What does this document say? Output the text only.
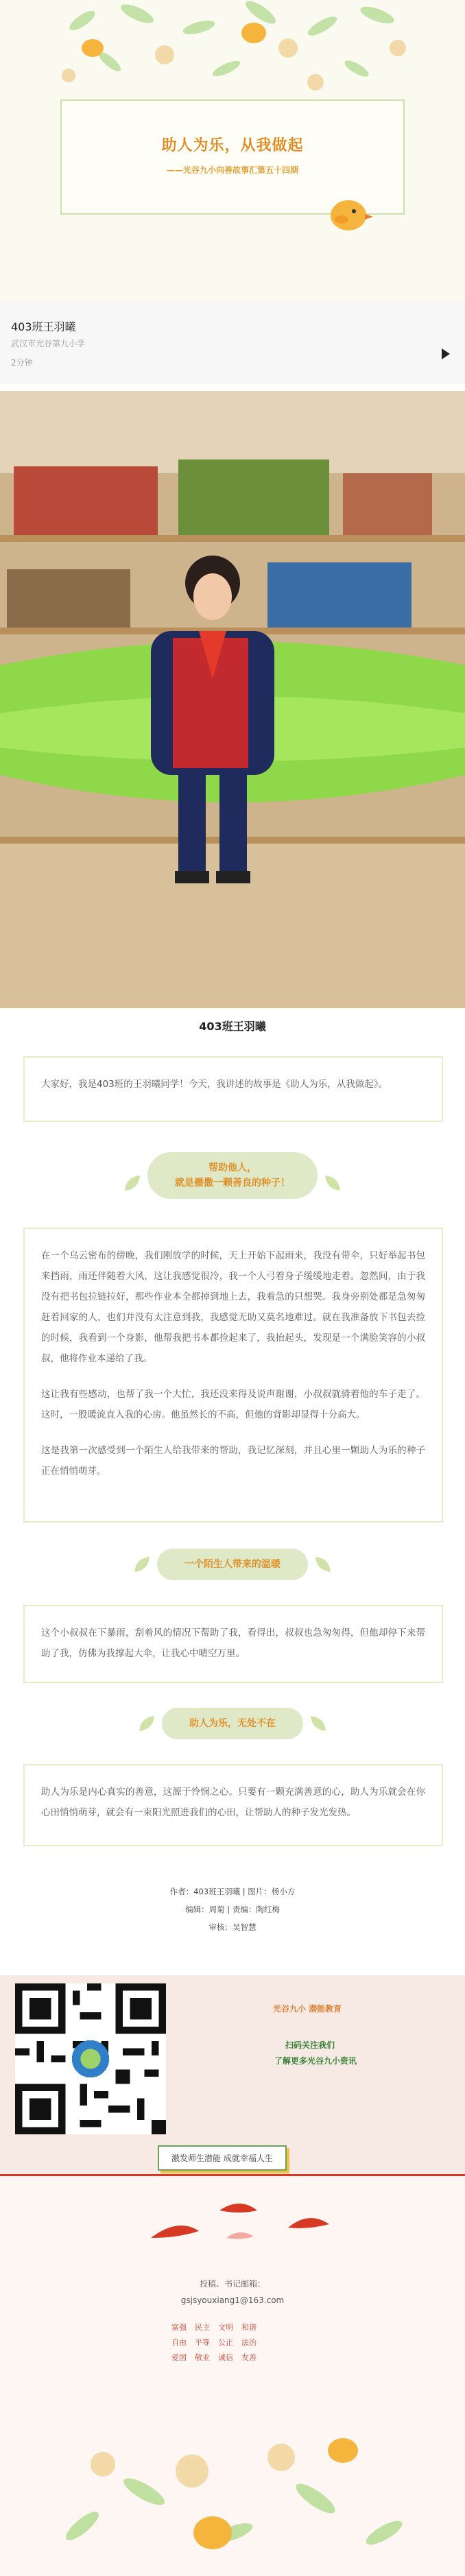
助人为乐，从我做起
——光谷九小向善故事汇第五十四期
403班王羽曦
武汉市光谷第九小学
2分钟
403班王羽曦

大家好，我是403班的王羽曦同学！今天，我讲述的故事是《助人为乐，从我做起》。

帮助他人，
就是播撒一颗善良的种子！

在一个乌云密布的傍晚，我们刚放学的时候，天上开始下起雨来，我没有带伞，只好举起书包来挡雨，雨还伴随着大风，这让我感觉很冷，我一个人弓着身子缓缓地走着。忽然间，由于我没有把书包拉链拉好，那些作业本全都掉到地上去，我着急的只想哭。我身旁别处都是急匆匆赶着回家的人，也们并没有太注意到我，我感觉无助又莫名地难过。就在我准备放下书包去捡的时候，我看到一个身影，他帮我把书本都捡起来了，我抬起头，发现是一个满脸笑容的小叔叔，他将作业本递给了我。

这让我有些感动，也帮了我一个大忙，我还没来得及说声谢谢，小叔叔就骑着他的车子走了。这时，一股暖流直入我的心房。他虽然长的不高，但他的背影却显得十分高大。

这是我第一次感受到一个陌生人给我带来的帮助，我记忆深刻，并且心里一颗助人为乐的种子正在悄悄萌芽。

一个陌生人带来的温暖

这个小叔叔在下暴雨，刮着风的情况下帮助了我，看得出，叔叔也急匆匆得，但他却停下来帮助了我，仿佛为我撑起大伞，让我心中晴空万里。

助人为乐，无处不在

助人为乐是内心真实的善意，这源于怜悯之心。只要有一颗充满善意的心，助人为乐就会在你心田悄悄萌芽，就会有一束阳光照进我们的心田，让帮助人的种子发光发热。

作者：403班王羽曦 | 图片：杨小方
编辑：周菊 | 责编：陶红梅
审核：吴智慧
光谷九小 潜能教育
扫码关注我们
了解更多光谷九小资讯
激发师生潜能 成就幸福人生
投稿、书记邮箱：
gsjsyouxiang1@163.com
富强 民主 文明 和谐
自由 平等 公正 法治
爱国 敬业 诚信 友善
